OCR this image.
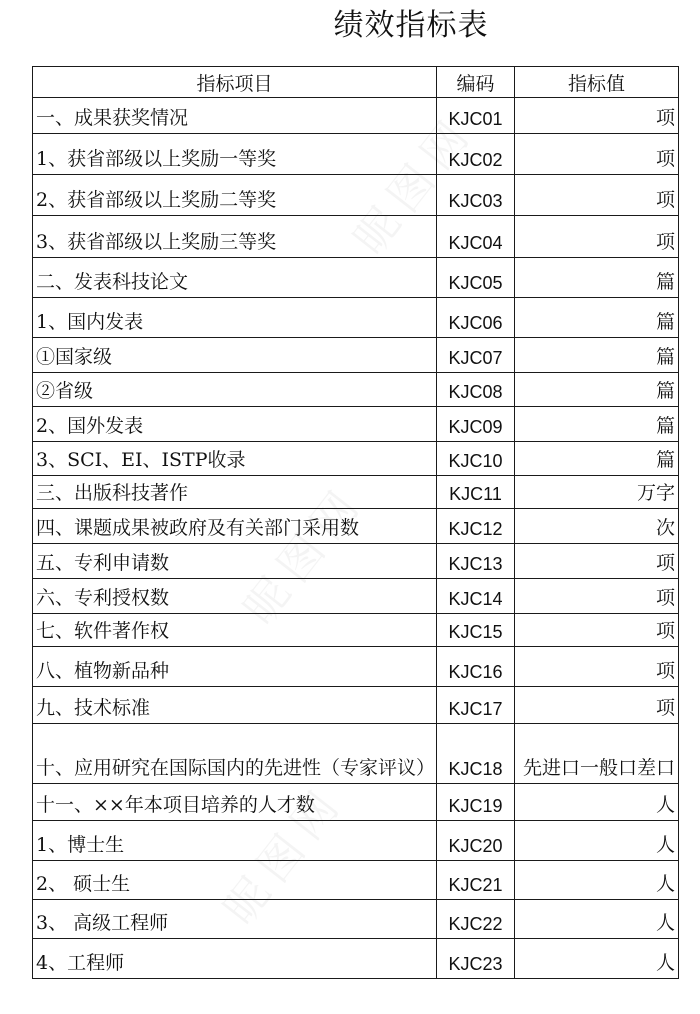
绩效指标表
指标项目	编码	指标值
一、成果获奖情况	KJC01	项
1、获省部级以上奖励一等奖	KJC02	项
2、获省部级以上奖励二等奖	KJC03	项
3、获省部级以上奖励三等奖	KJC04	项
二、发表科技论文	KJC05	篇
1、国内发表	KJC06	篇
①国家级	KJC07	篇
②省级	KJC08	篇
2、国外发表	KJC09	篇
3、SCI、EI、ISTP收录	KJC10	篇
三、出版科技著作	KJC11	万字
四、课题成果被政府及有关部门采用数	KJC12	次
五、专利申请数	KJC13	项
六、专利授权数	KJC14	项
七、软件著作权	KJC15	项
八、植物新品种	KJC16	项
九、技术标准	KJC17	项
十、应用研究在国际国内的先进性（专家评议）	KJC18	先进口一般口差口
十一、××年本项目培养的人才数	KJC19	人
1、博士生	KJC20	人
2、 硕士生	KJC21	人
3、 高级工程师	KJC22	人
4、工程师	KJC23	人
